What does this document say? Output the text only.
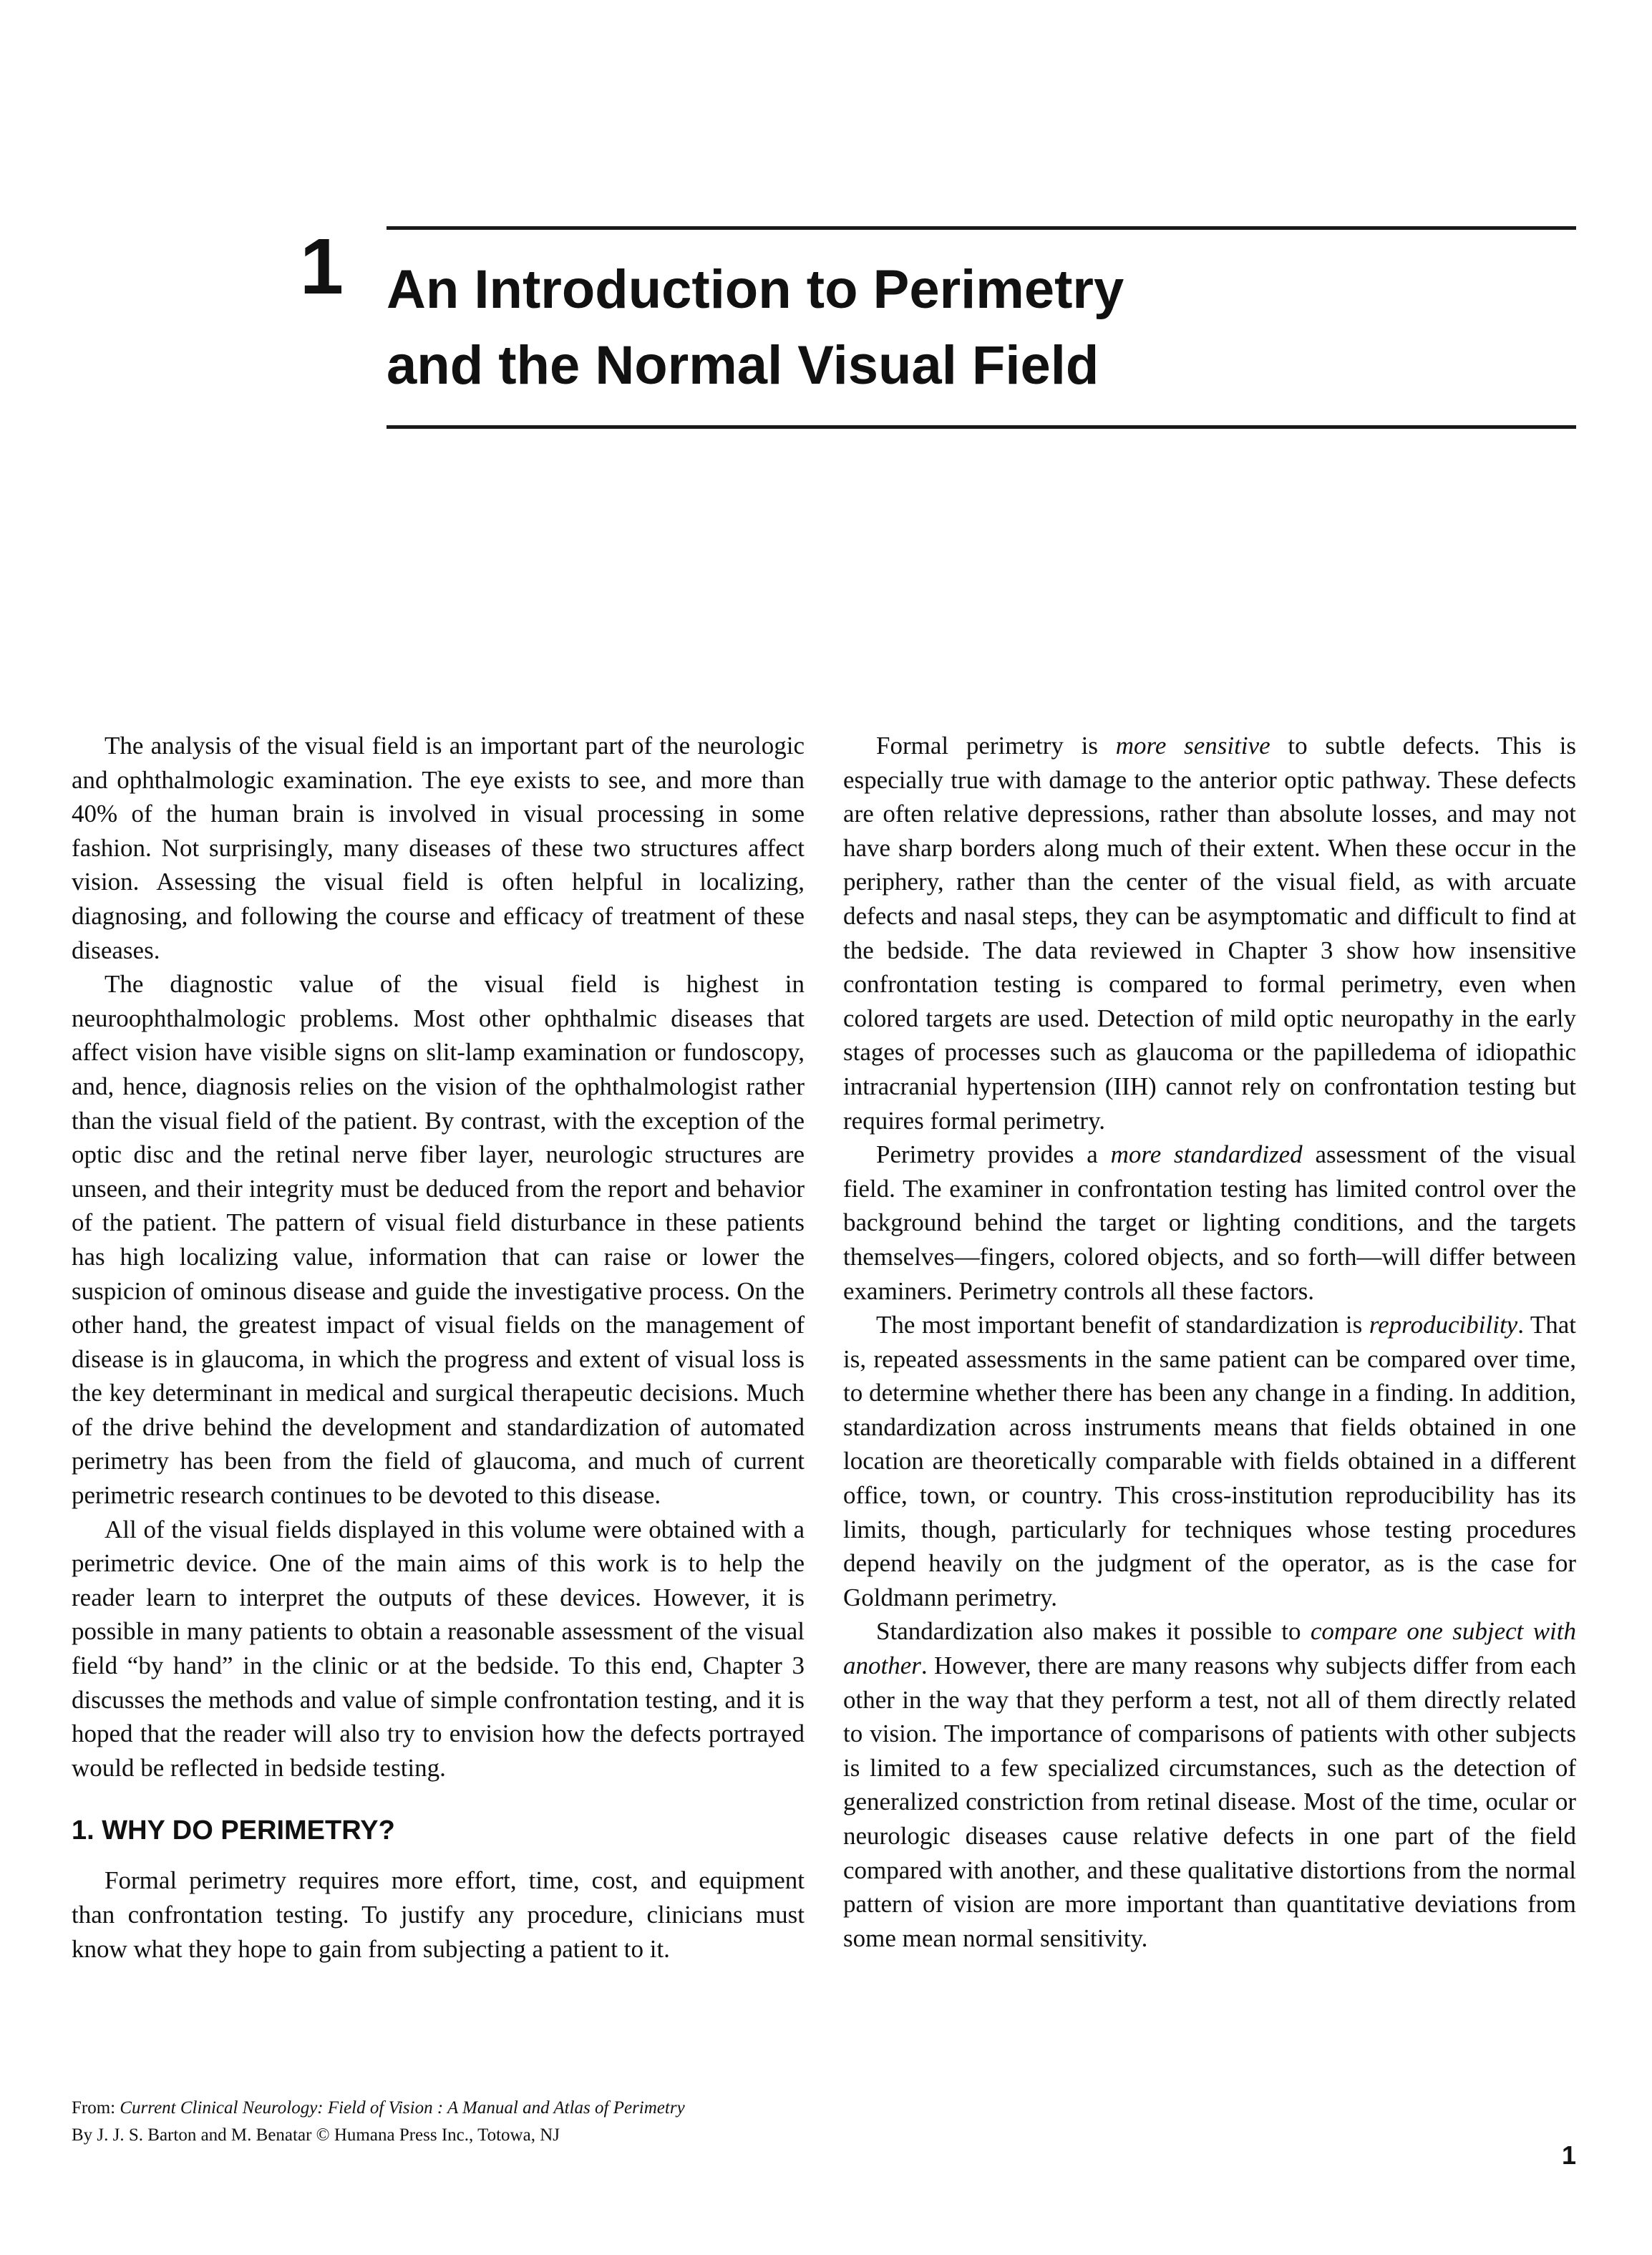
1 An Introduction to Perimetry
and the Normal Visual Field

The analysis of the visual field is an important part of the neurologic and ophthalmologic examination. The eye exists to see, and more than 40% of the human brain is involved in visual processing in some fashion. Not surprisingly, many diseases of these two structures affect vision. Assessing the visual field is often helpful in localizing, diagnosing, and following the course and efficacy of treatment of these diseases.

The diagnostic value of the visual field is highest in neuroophthalmologic problems. Most other ophthalmic diseases that affect vision have visible signs on slit-lamp examination or fundoscopy, and, hence, diagnosis relies on the vision of the ophthalmologist rather than the visual field of the patient. By contrast, with the exception of the optic disc and the retinal nerve fiber layer, neurologic structures are unseen, and their integrity must be deduced from the report and behavior of the patient. The pattern of visual field disturbance in these patients has high localizing value, information that can raise or lower the suspicion of ominous disease and guide the investigative process. On the other hand, the greatest impact of visual fields on the management of disease is in glaucoma, in which the progress and extent of visual loss is the key determinant in medical and surgical therapeutic decisions. Much of the drive behind the development and standardization of automated perimetry has been from the field of glaucoma, and much of current perimetric research continues to be devoted to this disease.

All of the visual fields displayed in this volume were obtained with a perimetric device. One of the main aims of this work is to help the reader learn to interpret the outputs of these devices. However, it is possible in many patients to obtain a reasonable assessment of the visual field “by hand” in the clinic or at the bedside. To this end, Chapter 3 discusses the methods and value of simple confrontation testing, and it is hoped that the reader will also try to envision how the defects portrayed would be reflected in bedside testing.

1. WHY DO PERIMETRY?

Formal perimetry requires more effort, time, cost, and equipment than confrontation testing. To justify any procedure, clinicians must know what they hope to gain from subjecting a patient to it.

Formal perimetry is more sensitive to subtle defects. This is especially true with damage to the anterior optic pathway. These defects are often relative depressions, rather than absolute losses, and may not have sharp borders along much of their extent. When these occur in the periphery, rather than the center of the visual field, as with arcuate defects and nasal steps, they can be asymptomatic and difficult to find at the bedside. The data reviewed in Chapter 3 show how insensitive confrontation testing is compared to formal perimetry, even when colored targets are used. Detection of mild optic neuropathy in the early stages of processes such as glaucoma or the papilledema of idiopathic intracranial hypertension (IIH) cannot rely on confrontation testing but requires formal perimetry.

Perimetry provides a more standardized assessment of the visual field. The examiner in confrontation testing has limited control over the background behind the target or lighting conditions, and the targets themselves—fingers, colored objects, and so forth—will differ between examiners. Perimetry controls all these factors.

The most important benefit of standardization is reproducibility. That is, repeated assessments in the same patient can be compared over time, to determine whether there has been any change in a finding. In addition, standardization across instruments means that fields obtained in one location are theoretically comparable with fields obtained in a different office, town, or country. This cross-institution reproducibility has its limits, though, particularly for techniques whose testing procedures depend heavily on the judgment of the operator, as is the case for Goldmann perimetry.

Standardization also makes it possible to compare one subject with another. However, there are many reasons why subjects differ from each other in the way that they perform a test, not all of them directly related to vision. The importance of comparisons of patients with other subjects is limited to a few specialized circumstances, such as the detection of generalized constriction from retinal disease. Most of the time, ocular or neurologic diseases cause relative defects in one part of the field compared with another, and these qualitative distortions from the normal pattern of vision are more important than quantitative deviations from some mean normal sensitivity.

From: Current Clinical Neurology: Field of Vision : A Manual and Atlas of Perimetry
By J. J. S. Barton and M. Benatar © Humana Press Inc., Totowa, NJ
1
